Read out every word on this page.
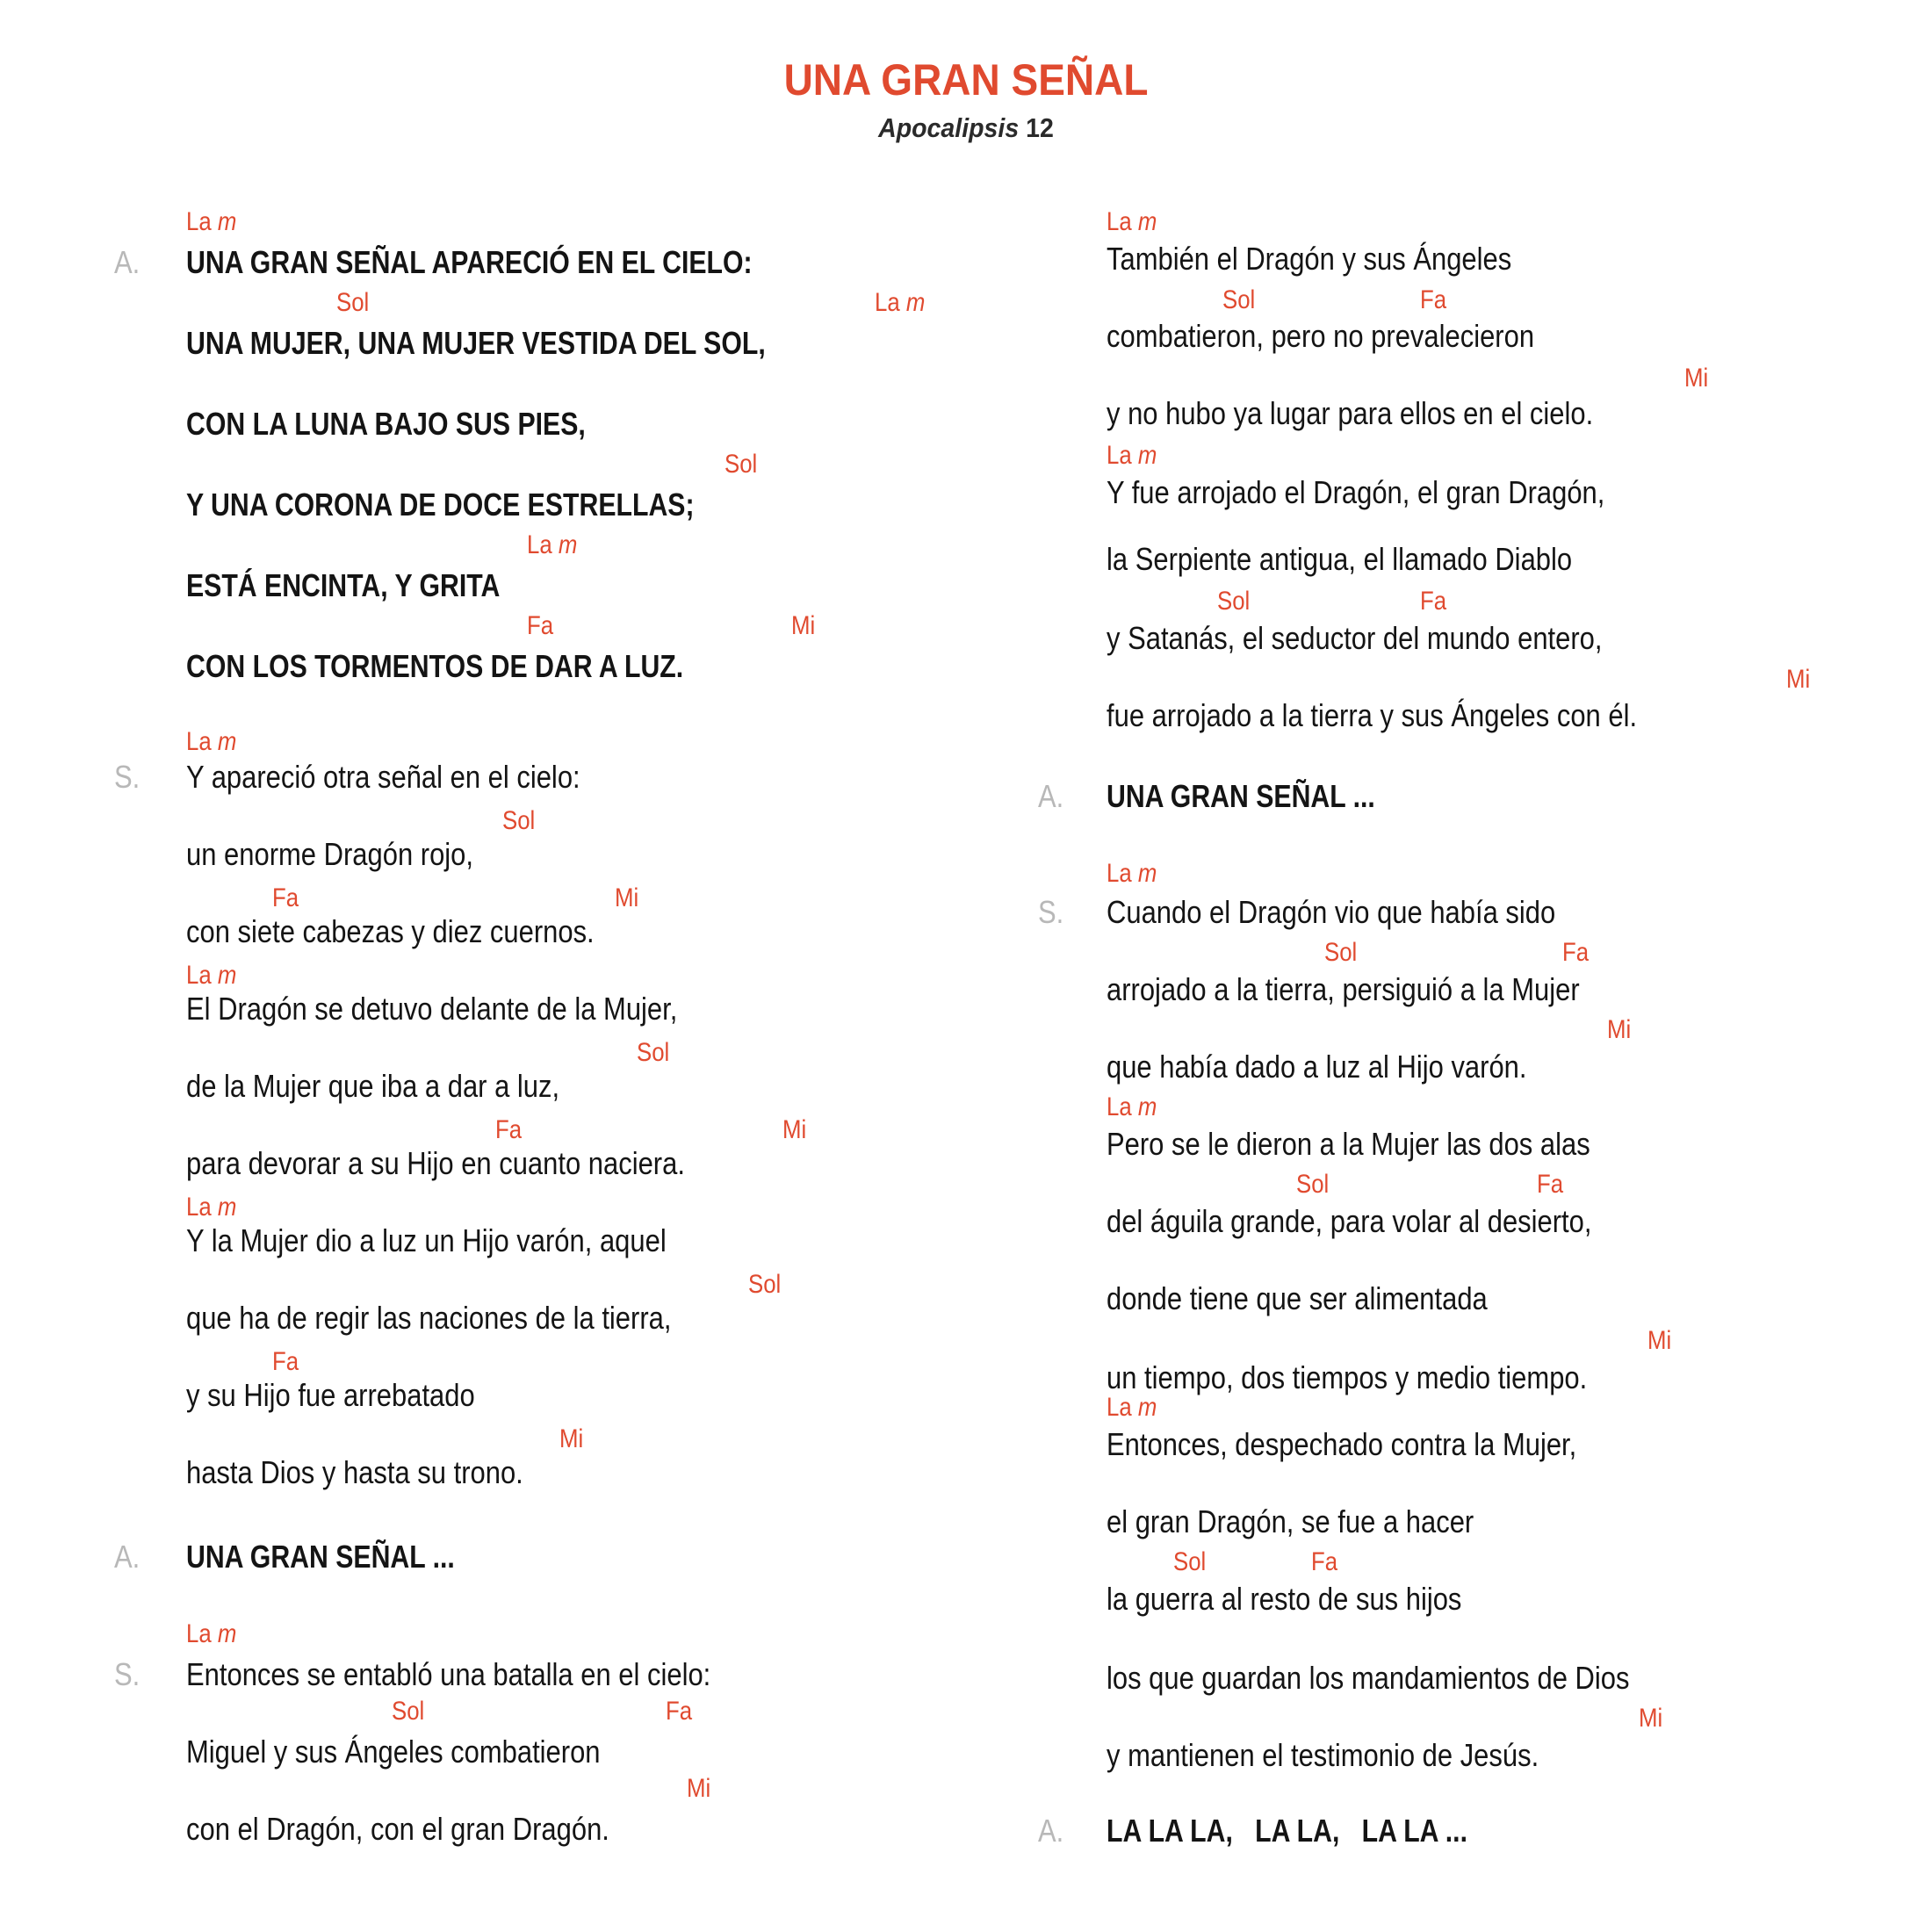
UNA GRAN SEÑAL
Apocalipsis 12
A.
S.
A.
S.
La m
Sol	La m
Sol
La m
Fa	Mi
La m
Sol
Fa	Mi
La m
Sol
Fa	Mi
La m
Sol
Fa
Mi
La m
Sol	Fa
Mi
UNA GRAN SEÑAL APARECIÓ EN EL CIELO:
UNA MUJER, UNA MUJER VESTIDA DEL SOL,
CON LA LUNA BAJO SUS PIES,
Y UNA CORONA DE DOCE ESTRELLAS;
ESTÁ ENCINTA, Y GRITA
CON LOS TORMENTOS DE DAR A LUZ.
Y apareció otra señal en el cielo:
un enorme Dragón rojo,
con siete cabezas y diez cuernos.
El Dragón se detuvo delante de la Mujer,
de la Mujer que iba a dar a luz,
para devorar a su Hijo en cuanto naciera.
Y la Mujer dio a luz un Hijo varón, aquel
que ha de regir las naciones de la tierra,
y su Hijo fue arrebatado
hasta Dios y hasta su trono.
UNA GRAN SEÑAL ...
Entonces se entabló una batalla en el cielo:
Miguel y sus Ángeles combatieron
con el Dragón, con el gran Dragón.
A.
S.
A.
La m
Sol	Fa
Mi
La m
Sol	Fa
Mi
La m
Sol	Fa
Mi
La m
Sol	Fa
Mi
La m
Sol	Fa
Mi
También el Dragón y sus Ángeles
combatieron, pero no prevalecieron
y no hubo ya lugar para ellos en el cielo.
Y fue arrojado el Dragón, el gran Dragón,
la Serpiente antigua, el llamado Diablo
y Satanás, el seductor del mundo entero,
fue arrojado a la tierra y sus Ángeles con él.
UNA GRAN SEÑAL ...
Cuando el Dragón vio que había sido
arrojado a la tierra, persiguió a la Mujer
que había dado a luz al Hijo varón.
Pero se le dieron a la Mujer las dos alas
del águila grande, para volar al desierto,
donde tiene que ser alimentada
un tiempo, dos tiempos y medio tiempo.
Entonces, despechado contra la Mujer,
el gran Dragón, se fue a hacer
la guerra al resto de sus hijos
los que guardan los mandamientos de Dios
y mantienen el testimonio de Jesús.
LA LA LA,   LA LA,   LA LA ...
